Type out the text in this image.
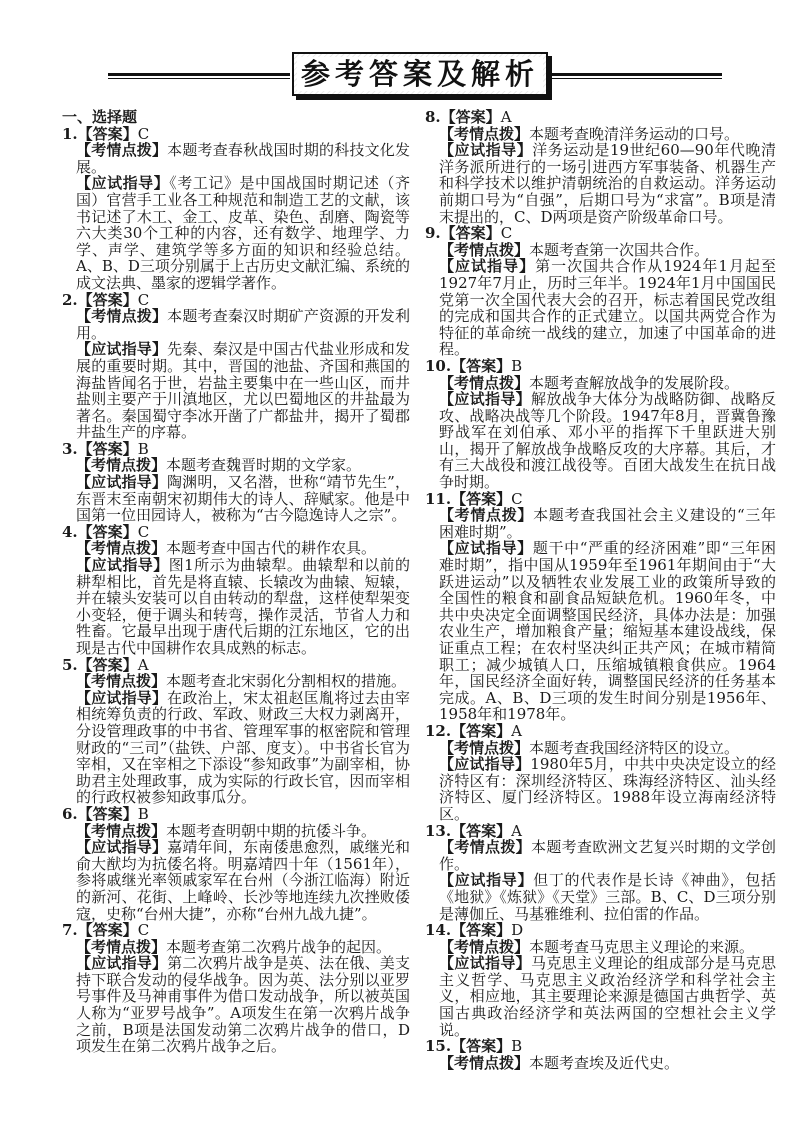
参考答案及解析
一、选择题
1.【答案】C

【考情点拨】本题考查春秋战国时期的科技文化发展。

【应试指导】《考工记》是中国战国时期记述（齐国）官营手工业各工种规范和制造工艺的文献，该书记述了木工、金工、皮革、染色、刮磨、陶瓷等六大类30个工种的内容，还有数学、地理学、力学、声学、建筑学等多方面的知识和经验总结。A、B、D三项分别属于上古历史文献汇编、系统的成文法典、墨家的逻辑学著作。

2.【答案】C

【考情点拨】本题考查秦汉时期矿产资源的开发利用。

【应试指导】先秦、秦汉是中国古代盐业形成和发展的重要时期。其中，晋国的池盐、齐国和燕国的海盐皆闻名于世，岩盐主要集中在一些山区，而井盐则主要产于川滇地区，尤以巴蜀地区的井盐最为著名。秦国蜀守李冰开凿了广都盐井，揭开了蜀郡井盐生产的序幕。

3.【答案】B

【考情点拨】本题考查魏晋时期的文学家。

【应试指导】陶渊明，又名潜，世称“靖节先生”，东晋末至南朝宋初期伟大的诗人、辞赋家。他是中国第一位田园诗人，被称为“古今隐逸诗人之宗”。

4.【答案】C

【考情点拨】本题考查中国古代的耕作农具。

【应试指导】图1所示为曲辕犁。曲辕犁和以前的耕犁相比，首先是将直辕、长辕改为曲辕、短辕，并在辕头安装可以自由转动的犁盘，这样使犁架变小变轻，便于调头和转弯，操作灵活，节省人力和牲畜。它最早出现于唐代后期的江东地区，它的出现是古代中国耕作农具成熟的标志。

5.【答案】A

【考情点拨】本题考查北宋弱化分割相权的措施。

【应试指导】在政治上，宋太祖赵匡胤将过去由宰相统筹负责的行政、军政、财政三大权力剥离开，分设管理政事的中书省、管理军事的枢密院和管理财政的“三司”（盐铁、户部、度支）。中书省长官为宰相，又在宰相之下添设“参知政事”为副宰相，协助君主处理政事，成为实际的行政长官，因而宰相的行政权被参知政事瓜分。

6.【答案】B

【考情点拨】本题考查明朝中期的抗倭斗争。

【应试指导】嘉靖年间，东南倭患愈烈，戚继光和俞大猷均为抗倭名将。明嘉靖四十年（1561年），参将戚继光率领戚家军在台州（今浙江临海）附近的新河、花街、上峰岭、长沙等地连续九次挫败倭寇，史称“台州大捷”，亦称“台州九战九捷”。

7.【答案】C

【考情点拨】本题考查第二次鸦片战争的起因。

【应试指导】第二次鸦片战争是英、法在俄、美支持下联合发动的侵华战争。因为英、法分别以亚罗号事件及马神甫事件为借口发动战争，所以被英国人称为“亚罗号战争”。A项发生在第一次鸦片战争之前，B项是法国发动第二次鸦片战争的借口，D项发生在第二次鸦片战争之后。

8.【答案】A

【考情点拨】本题考查晚清洋务运动的口号。

【应试指导】洋务运动是19世纪60—90年代晚清洋务派所进行的一场引进西方军事装备、机器生产和科学技术以维护清朝统治的自救运动。洋务运动前期口号为“自强”，后期口号为“求富”。B项是清末提出的，C、D两项是资产阶级革命口号。

9.【答案】C

【考情点拨】本题考查第一次国共合作。

【应试指导】第一次国共合作从1924年1月起至1927年7月止，历时三年半。1924年1月中国国民党第一次全国代表大会的召开，标志着国民党改组的完成和国共合作的正式建立。以国共两党合作为特征的革命统一战线的建立，加速了中国革命的进程。

10.【答案】B

【考情点拨】本题考查解放战争的发展阶段。

【应试指导】解放战争大体分为战略防御、战略反攻、战略决战等几个阶段。1947年8月，晋冀鲁豫野战军在刘伯承、邓小平的指挥下千里跃进大别山，揭开了解放战争战略反攻的大序幕。其后，才有三大战役和渡江战役等。百团大战发生在抗日战争时期。

11.【答案】C

【考情点拨】本题考查我国社会主义建设的“三年困难时期”。

【应试指导】题干中“严重的经济困难”即“三年困难时期”，指中国从1959年至1961年期间由于“大跃进运动”以及牺牲农业发展工业的政策所导致的全国性的粮食和副食品短缺危机。1960年冬，中共中央决定全面调整国民经济，具体办法是：加强农业生产，增加粮食产量；缩短基本建设战线，保证重点工程；在农村坚决纠正共产风；在城市精简职工；减少城镇人口，压缩城镇粮食供应。1964年，国民经济全面好转，调整国民经济的任务基本完成。A、B、D三项的发生时间分别是1956年、1958年和1978年。

12.【答案】A

【考情点拨】本题考查我国经济特区的设立。

【应试指导】1980年5月，中共中央决定设立的经济特区有：深圳经济特区、珠海经济特区、汕头经济特区、厦门经济特区。1988年设立海南经济特区。

13.【答案】A

【考情点拨】本题考查欧洲文艺复兴时期的文学创作。

【应试指导】但丁的代表作是长诗《神曲》，包括《地狱》《炼狱》《天堂》三部。B、C、D三项分别是薄伽丘、马基雅维利、拉伯雷的作品。

14.【答案】D

【考情点拨】本题考查马克思主义理论的来源。

【应试指导】马克思主义理论的组成部分是马克思主义哲学、马克思主义政治经济学和科学社会主义，相应地，其主要理论来源是德国古典哲学、英国古典政治经济学和英法两国的空想社会主义学说。

15.【答案】B

【考情点拨】本题考查埃及近代史。
